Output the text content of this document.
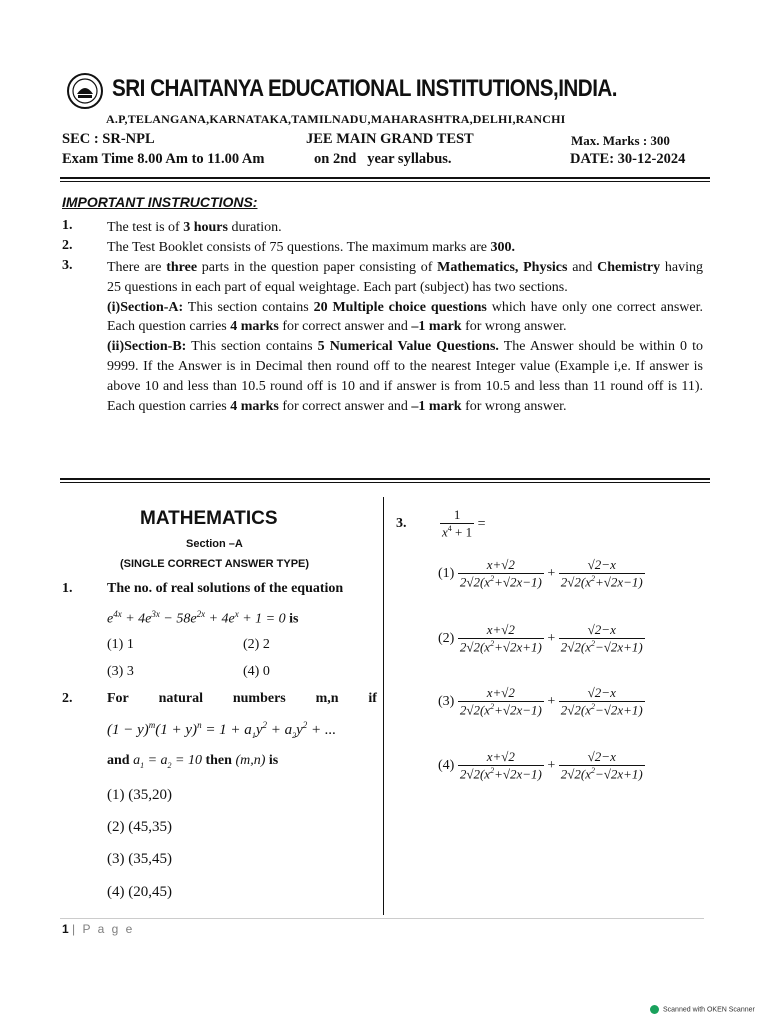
SRI CHAITANYA EDUCATIONAL INSTITUTIONS,INDIA.
A.P,TELANGANA,KARNATAKA,TAMILNADU,MAHARASHTRA,DELHI,RANCHI
SEC : SR-NPL	JEE MAIN GRAND TEST	Max. Marks : 300
Exam Time 8.00 Am to 11.00 Am	on 2nd   year syllabus.	DATE: 30-12-2024
IMPORTANT INSTRUCTIONS:
1. The test is of 3 hours duration.
2. The Test Booklet consists of 75 questions. The maximum marks are 300.
3. There are three parts in the question paper consisting of Mathematics, Physics and Chemistry having 25 questions in each part of equal weightage. Each part (subject) has two sections.
(i)Section-A: This section contains 20 Multiple choice questions which have only one correct answer. Each question carries 4 marks for correct answer and –1 mark for wrong answer.
(ii)Section-B: This section contains 5 Numerical Value Questions. The Answer should be within 0 to 9999. If the Answer is in Decimal then round off to the nearest Integer value (Example i,e. If answer is above 10 and less than 10.5 round off is 10 and if answer is from 10.5 and less than 11 round off is 11). Each question carries 4 marks for correct answer and –1 mark for wrong answer.
MATHEMATICS
Section –A
(SINGLE CORRECT ANSWER TYPE)
1. The no. of real solutions of the equation
$e^{4x} + 4e^{3x} - 58e^{2x} + 4e^x + 1 = 0$ is
(1) 1	(2) 2
(3) 3	(4) 0
2. For natural numbers m,n if
$(1 - y)^m(1 + y)^n = 1 + a_1y^2 + a_2y^2$ + ...
and $a_1 = a_2 = 10$ then (m,n) is
(1) (35,20)
(2) (45,35)
(3) (35,45)
(4) (20,45)
3.	$\frac{1}{x^4 + 1}$ =
$(1) \frac{x+√2}{2√2(x^2+√2x-1)} + \frac{√2-x}{2√2(x^2+√2x-1)}$
$(2) \frac{x+√2}{2√2(x^2+√2x+1)} + \frac{√2-x}{2√2(x^2-√2x+1)}$
$(3) \frac{x+√2}{2√2(x^2+√2x-1)} + \frac{√2-x}{2√2(x^2-√2x+1)}$
$(4) \frac{x+√2}{2√2(x^2+√2x-1)} + \frac{√2-x}{2√2(x^2-√2x+1)}$
1 | P a g e
Scanned with OKEN Scanner
